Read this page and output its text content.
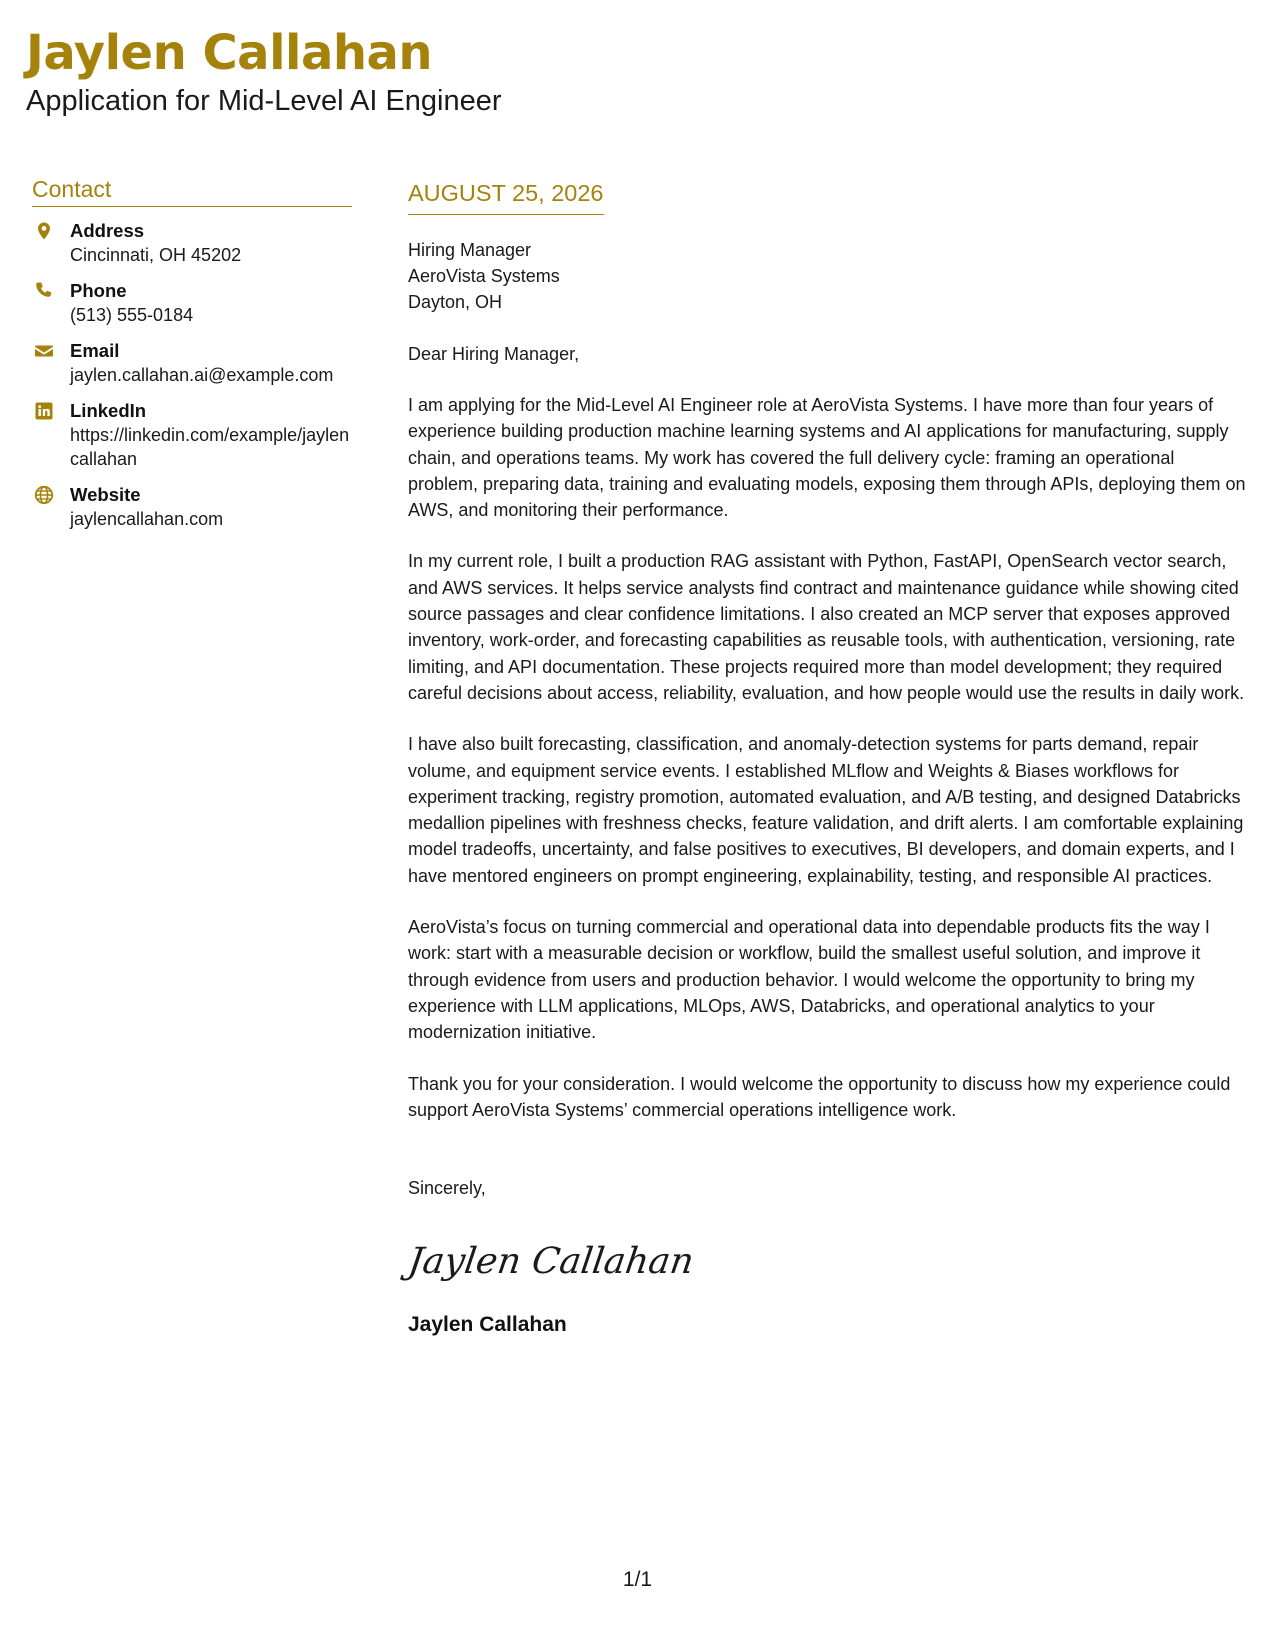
Jaylen Callahan
Application for Mid-Level AI Engineer
Contact
Address
Cincinnati, OH 45202
Phone
(513) 555-0184
Email
jaylen.callahan.ai@example.com
LinkedIn
https://linkedin.com/example/jaylencallahan
Website
jaylencallahan.com
AUGUST 25, 2026
Hiring Manager
AeroVista Systems
Dayton, OH
Dear Hiring Manager,

I am applying for the Mid-Level AI Engineer role at AeroVista Systems. I have more than four years of experience building production machine learning systems and AI applications for manufacturing, supply chain, and operations teams. My work has covered the full delivery cycle: framing an operational problem, preparing data, training and evaluating models, exposing them through APIs, deploying them on AWS, and monitoring their performance.

In my current role, I built a production RAG assistant with Python, FastAPI, OpenSearch vector search, and AWS services. It helps service analysts find contract and maintenance guidance while showing cited source passages and clear confidence limitations. I also created an MCP server that exposes approved inventory, work-order, and forecasting capabilities as reusable tools, with authentication, versioning, rate limiting, and API documentation. These projects required more than model development; they required careful decisions about access, reliability, evaluation, and how people would use the results in daily work.

I have also built forecasting, classification, and anomaly-detection systems for parts demand, repair volume, and equipment service events. I established MLflow and Weights & Biases workflows for experiment tracking, registry promotion, automated evaluation, and A/B testing, and designed Databricks medallion pipelines with freshness checks, feature validation, and drift alerts. I am comfortable explaining model tradeoffs, uncertainty, and false positives to executives, BI developers, and domain experts, and I have mentored engineers on prompt engineering, explainability, testing, and responsible AI practices.

AeroVista’s focus on turning commercial and operational data into dependable products fits the way I work: start with a measurable decision or workflow, build the smallest useful solution, and improve it through evidence from users and production behavior. I would welcome the opportunity to bring my experience with LLM applications, MLOps, AWS, Databricks, and operational analytics to your modernization initiative.

Thank you for your consideration. I would welcome the opportunity to discuss how my experience could support AeroVista Systems’ commercial operations intelligence work.

Sincerely,
Jaylen Callahan
Jaylen Callahan
1/1
